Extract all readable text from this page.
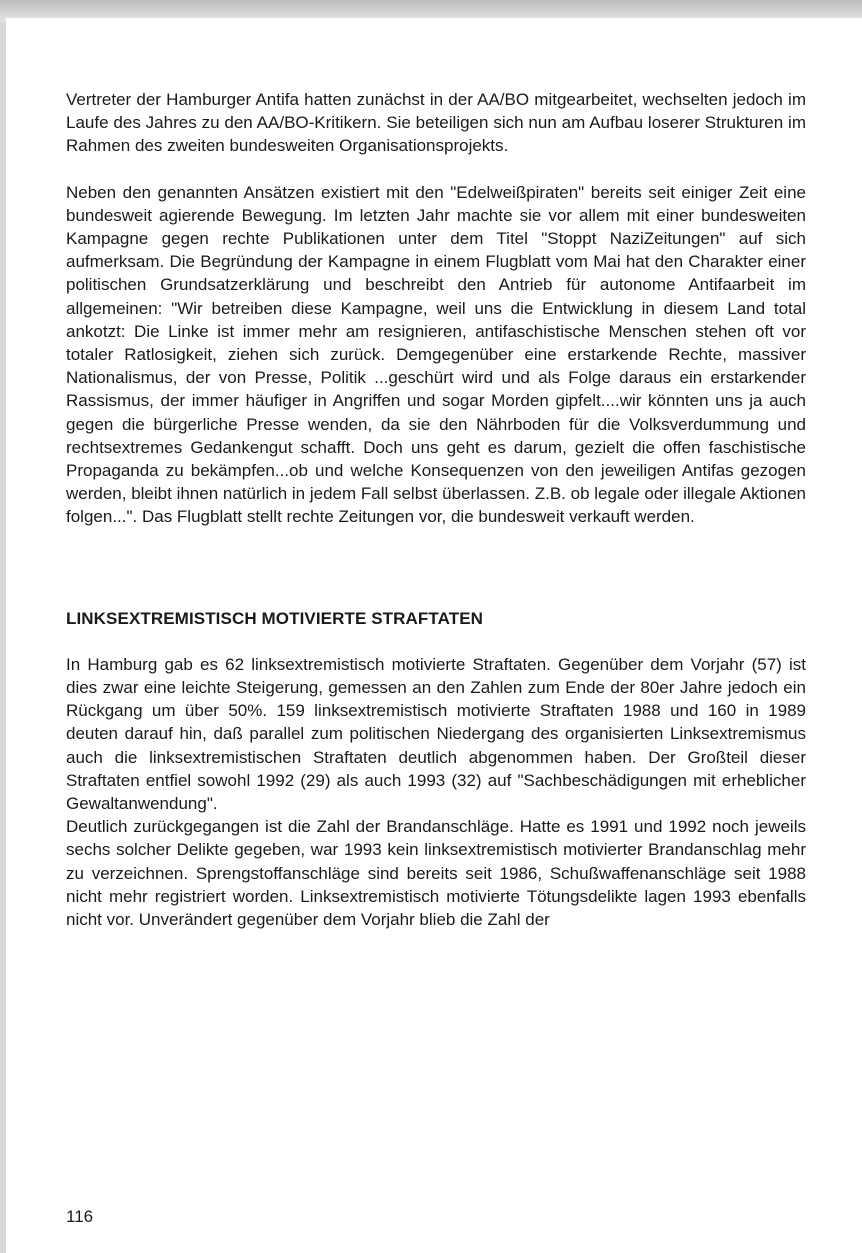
Vertreter der Hamburger Antifa hatten zunächst in der AA/BO mitgearbeitet, wechselten jedoch im Laufe des Jahres zu den AA/BO-Kritikern. Sie beteiligen sich nun am Aufbau loserer Strukturen im Rahmen des zweiten bundesweiten Organisationsprojekts.

Neben den genannten Ansätzen existiert mit den "Edelweißpiraten" bereits seit einiger Zeit eine bundesweit agierende Bewegung. Im letzten Jahr machte sie vor allem mit einer bundesweiten Kampagne gegen rechte Publikationen unter dem Titel "Stoppt NaziZeitungen" auf sich aufmerksam. Die Begründung der Kampagne in einem Flugblatt vom Mai hat den Charakter einer politischen Grundsatzerklärung und beschreibt den Antrieb für autonome Antifaarbeit im allgemeinen: "Wir betreiben diese Kampagne, weil uns die Entwicklung in diesem Land total ankotzt: Die Linke ist immer mehr am resignieren, antifaschistische Menschen stehen oft vor totaler Ratlosigkeit, ziehen sich zurück. Demgegenüber eine erstarkende Rechte, massiver Nationalismus, der von Presse, Politik ...geschürt wird und als Folge daraus ein erstarkender Rassismus, der immer häufiger in Angriffen und sogar Morden gipfelt....wir könnten uns ja auch gegen die bürgerliche Presse wenden, da sie den Nährboden für die Volksverdummung und rechtsextremes Gedankengut schafft. Doch uns geht es darum, gezielt die offen faschistische Propaganda zu bekämpfen...ob und welche Konsequenzen von den jeweiligen Antifas gezogen werden, bleibt ihnen natürlich in jedem Fall selbst überlassen. Z.B. ob legale oder illegale Aktionen folgen...". Das Flugblatt stellt rechte Zeitungen vor, die bundesweit verkauft werden.

LINKSEXTREMISTISCH MOTIVIERTE STRAFTATEN

In Hamburg gab es 62 linksextremistisch motivierte Straftaten. Gegenüber dem Vorjahr (57) ist dies zwar eine leichte Steigerung, gemessen an den Zahlen zum Ende der 80er Jahre jedoch ein Rückgang um über 50%. 159 linksextremistisch motivierte Straftaten 1988 und 160 in 1989 deuten darauf hin, daß parallel zum politischen Niedergang des organisierten Linksextremismus auch die linksextremistischen Straftaten deutlich abgenommen haben. Der Großteil dieser Straftaten entfiel sowohl 1992 (29) als auch 1993 (32) auf "Sachbeschädigungen mit erheblicher Gewaltanwendung".

Deutlich zurückgegangen ist die Zahl der Brandanschläge. Hatte es 1991 und 1992 noch jeweils sechs solcher Delikte gegeben, war 1993 kein linksextremistisch motivierter Brandanschlag mehr zu verzeichnen. Sprengstoffanschläge sind bereits seit 1986, Schußwaffenanschläge seit 1988 nicht mehr registriert worden. Linksextremistisch motivierte Tötungsdelikte lagen 1993 ebenfalls nicht vor. Unverändert gegenüber dem Vorjahr blieb die Zahl der

116
